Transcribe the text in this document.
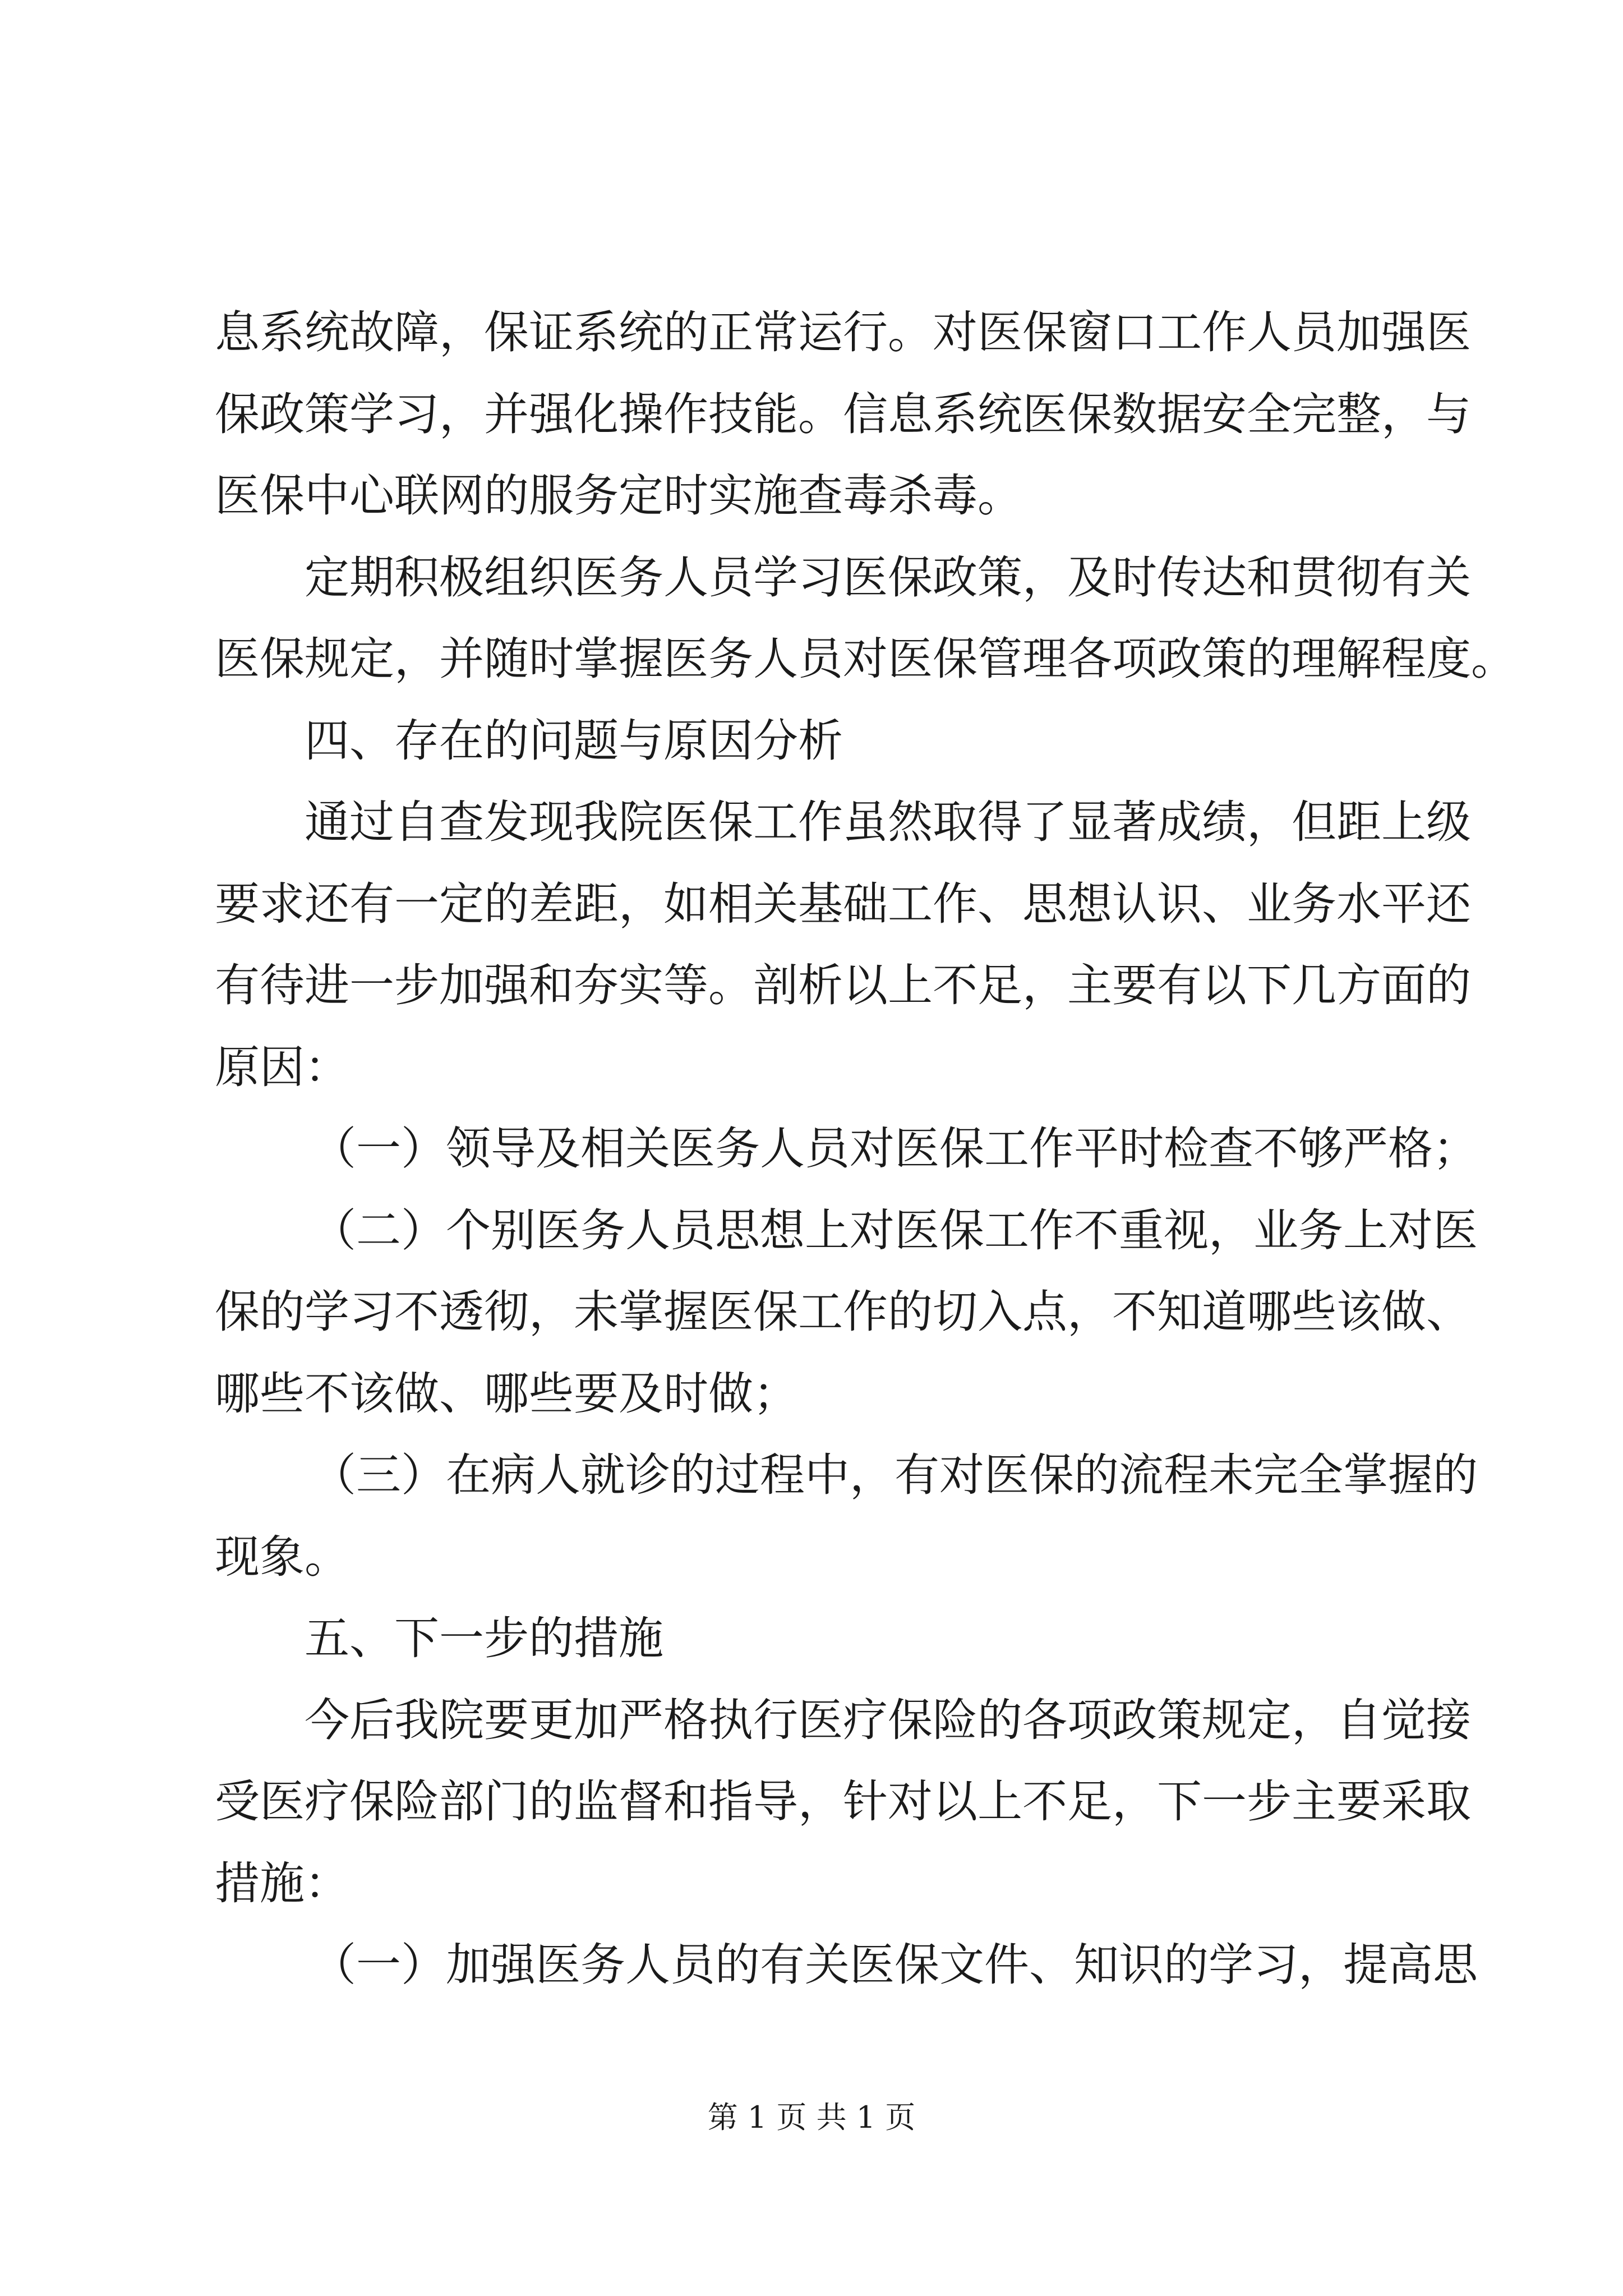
息系统故障，保证系统的正常运行。对医保窗口工作人员加强医
保政策学习，并强化操作技能。信息系统医保数据安全完整，与
医保中心联网的服务定时实施查毒杀毒。
定期积极组织医务人员学习医保政策，及时传达和贯彻有关
医保规定，并随时掌握医务人员对医保管理各项政策的理解程度。
四、存在的问题与原因分析
通过自查发现我院医保工作虽然取得了显著成绩，但距上级
要求还有一定的差距，如相关基础工作、思想认识、业务水平还
有待进一步加强和夯实等。剖析以上不足，主要有以下几方面的
原因：
（一）领导及相关医务人员对医保工作平时检查不够严格；
（二）个别医务人员思想上对医保工作不重视，业务上对医
保的学习不透彻，未掌握医保工作的切入点，不知道哪些该做、
哪些不该做、哪些要及时做；
（三）在病人就诊的过程中，有对医保的流程未完全掌握的
现象。
五、下一步的措施
今后我院要更加严格执行医疗保险的各项政策规定，自觉接
受医疗保险部门的监督和指导，针对以上不足，下一步主要采取
措施：
（一）加强医务人员的有关医保文件、知识的学习，提高思
第 1 页 共 1 页
